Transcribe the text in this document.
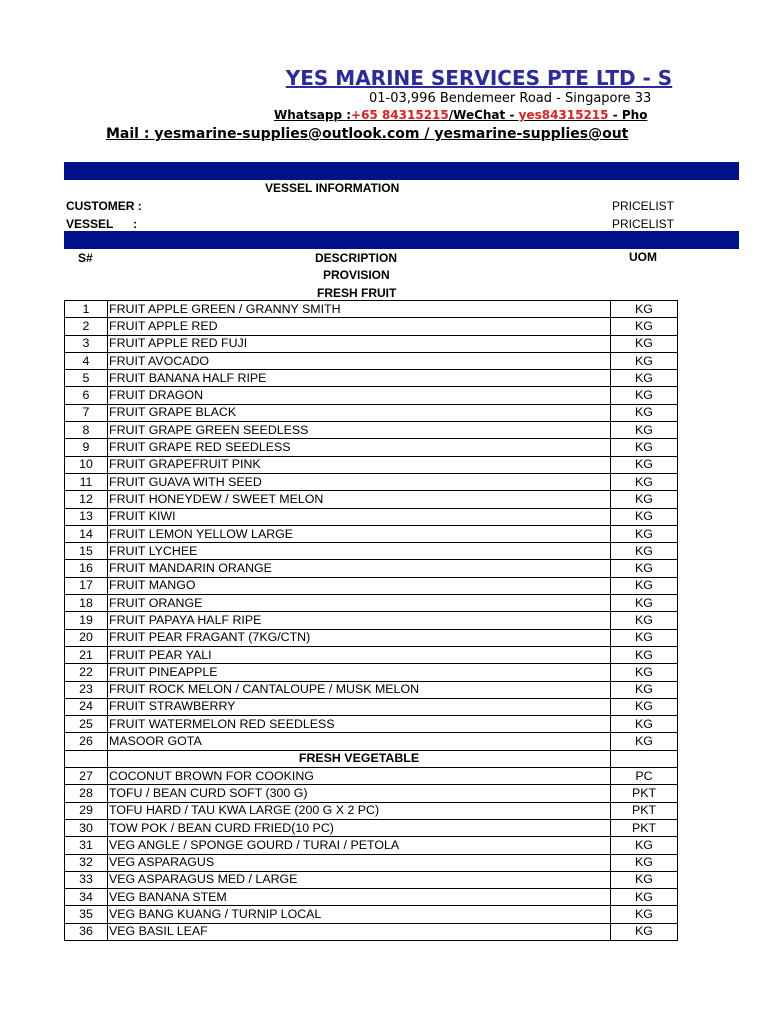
YES MARINE SERVICES PTE LTD - S
01-03,996 Bendemeer Road - Singapore 33
Whatsapp :+65 84315215/WeChat - yes84315215 - Pho
Mail : yesmarine-supplies@outlook.com / yesmarine-supplies@out
VESSEL INFORMATION
CUSTOMER :
VESSEL      :
PRICELIST
PRICELIST
S#	DESCRIPTION	UOM
PROVISION
FRESH FRUIT
1	FRUIT APPLE GREEN / GRANNY SMITH	KG
2	FRUIT APPLE RED	KG
3	FRUIT APPLE RED FUJI	KG
4	FRUIT AVOCADO	KG
5	FRUIT BANANA HALF RIPE	KG
6	FRUIT DRAGON	KG
7	FRUIT GRAPE BLACK	KG
8	FRUIT GRAPE GREEN SEEDLESS	KG
9	FRUIT GRAPE RED SEEDLESS	KG
10	FRUIT GRAPEFRUIT PINK	KG
11	FRUIT GUAVA WITH SEED	KG
12	FRUIT HONEYDEW / SWEET MELON	KG
13	FRUIT KIWI	KG
14	FRUIT LEMON YELLOW LARGE	KG
15	FRUIT LYCHEE	KG
16	FRUIT MANDARIN ORANGE	KG
17	FRUIT MANGO	KG
18	FRUIT ORANGE	KG
19	FRUIT PAPAYA HALF RIPE	KG
20	FRUIT PEAR FRAGANT (7KG/CTN)	KG
21	FRUIT PEAR YALI	KG
22	FRUIT PINEAPPLE	KG
23	FRUIT ROCK MELON / CANTALOUPE / MUSK MELON	KG
24	FRUIT STRAWBERRY	KG
25	FRUIT WATERMELON RED SEEDLESS	KG
26	MASOOR GOTA	KG
	FRESH VEGETABLE	
27	COCONUT BROWN FOR COOKING	PC
28	TOFU / BEAN CURD SOFT (300 G)	PKT
29	TOFU HARD / TAU KWA LARGE (200 G X 2 PC)	PKT
30	TOW POK / BEAN CURD FRIED(10 PC)	PKT
31	VEG ANGLE / SPONGE GOURD / TURAI / PETOLA	KG
32	VEG ASPARAGUS	KG
33	VEG ASPARAGUS MED / LARGE	KG
34	VEG BANANA STEM	KG
35	VEG BANG KUANG / TURNIP LOCAL	KG
36	VEG BASIL LEAF	KG
